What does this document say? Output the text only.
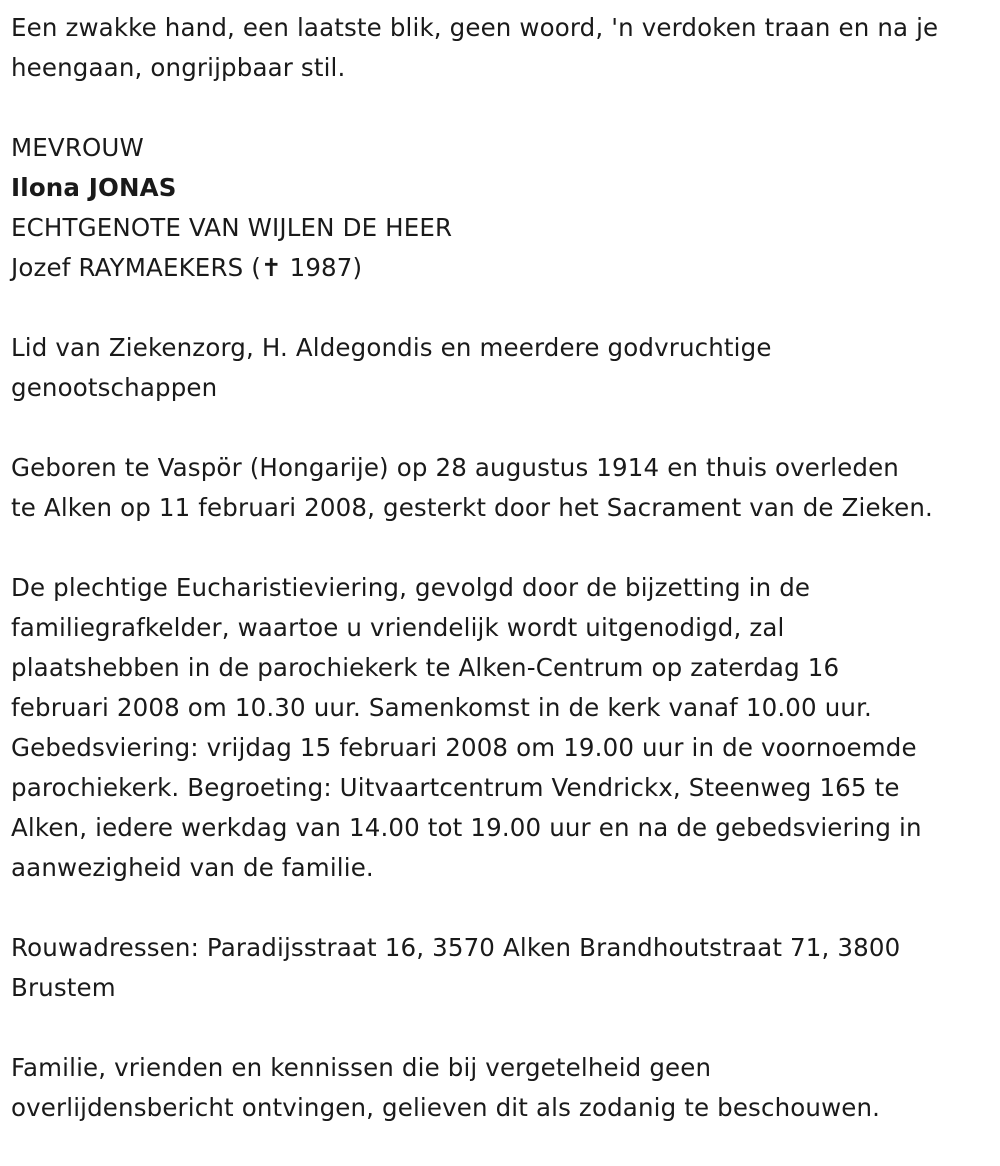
Een zwakke hand, een laatste blik, geen woord, 'n verdoken traan en na je
heengaan, ongrijpbaar stil.
MEVROUW
Ilona JONAS
ECHTGENOTE VAN WIJLEN DE HEER
Jozef RAYMAEKERS (✝ 1987)
Lid van Ziekenzorg, H. Aldegondis en meerdere godvruchtige
genootschappen
Geboren te Vaspör (Hongarije) op 28 augustus 1914 en thuis overleden
te Alken op 11 februari 2008, gesterkt door het Sacrament van de Zieken.
De plechtige Eucharistieviering, gevolgd door de bijzetting in de
familiegrafkelder, waartoe u vriendelijk wordt uitgenodigd, zal
plaatshebben in de parochiekerk te Alken-Centrum op zaterdag 16
februari 2008 om 10.30 uur. Samenkomst in de kerk vanaf 10.00 uur.
Gebedsviering: vrijdag 15 februari 2008 om 19.00 uur in de voornoemde
parochiekerk. Begroeting: Uitvaartcentrum Vendrickx, Steenweg 165 te
Alken, iedere werkdag van 14.00 tot 19.00 uur en na de gebedsviering in
aanwezigheid van de familie.
Rouwadressen: Paradijsstraat 16, 3570 Alken Brandhoutstraat 71, 3800
Brustem
Familie, vrienden en kennissen die bij vergetelheid geen
overlijdensbericht ontvingen, gelieven dit als zodanig te beschouwen.
